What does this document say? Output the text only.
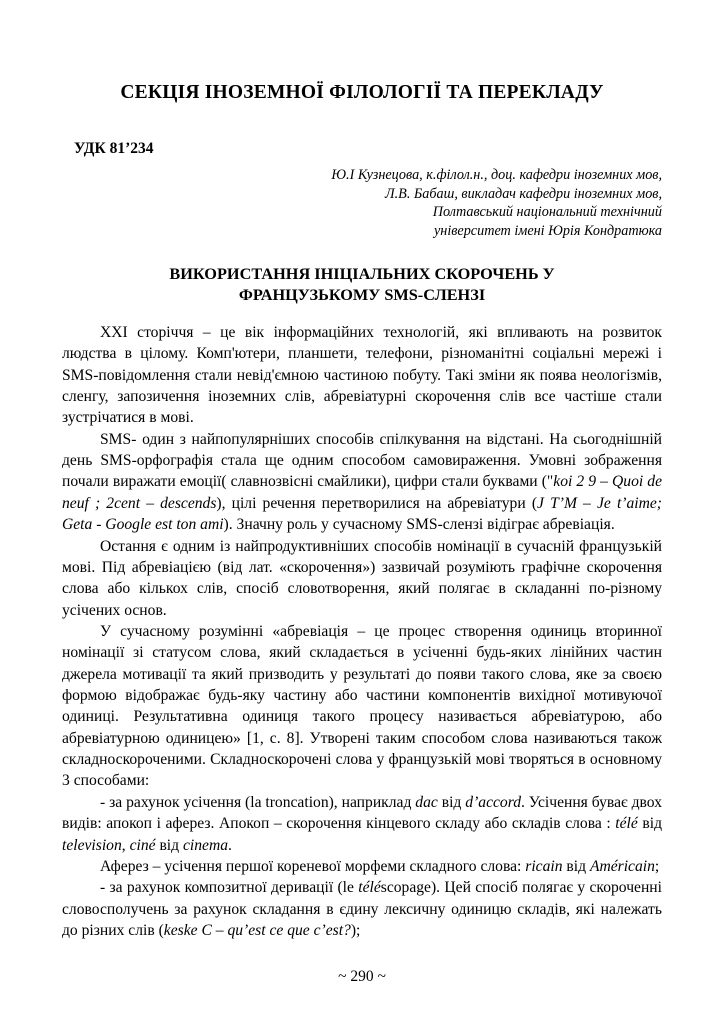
СЕКЦІЯ ІНОЗЕМНОЇ ФІЛОЛОГІЇ ТА ПЕРЕКЛАДУ
УДК 81’234
Ю.І Кузнецова, к.філол.н., доц. кафедри іноземних мов,
Л.В. Бабаш, викладач кафедри іноземних мов,
Полтавський національний технічний
університет імені Юрія Кондратюка
ВИКОРИСТАННЯ ІНІЦІАЛЬНИХ СКОРОЧЕНЬ У
ФРАНЦУЗЬКОМУ SMS-СЛЕНЗІ

XXI сторіччя – це вік інформаційних технологій, які впливають на розвиток людства в цілому. Комп'ютери, планшети, телефони, різноманітні соціальні мережі і SMS-повідомлення стали невід'ємною частиною побуту. Такі зміни як поява неологізмів, сленгу, запозичення іноземних слів, абревіатурні скорочення слів все частіше стали зустрічатися в мові.

SMS- один з найпопулярніших способів спілкування на відстані. На сьогоднішній день SMS-орфографія стала ще одним способом самовираження. Умовні зображення почали виражати емоції( славнозвісні смайлики), цифри стали буквами ("koi 2 9 – Quoi de neuf ; 2cent – descends), цілі речення перетворилися на абревіатури (J T’M – Je t’aime; Geta - Google est ton ami). Значну роль у сучасному SMS-слензі відіграє абревіація.

Остання є одним із найпродуктивніших способів номінації в сучасній французькій мові. Під абревіацією (від лат. «скорочення») зазвичай розуміють графічне скорочення слова або кількох слів, спосіб словотворення, який полягає в складанні по-різному усічених основ.

У сучасному розумінні «абревіація – це процес створення одиниць вторинної номінації зі статусом слова, який складається в усіченні будь-яких лінійних частин джерела мотивації та який призводить у результаті до появи такого слова, яке за своєю формою відображає будь-яку частину або частини компонентів вихідної мотивуючої одиниці. Результативна одиниця такого процесу називається абревіатурою, або абревіатурною одиницею» [1, с. 8]. Утворені таким способом слова називаються також складноскороченими. Складноскорочені слова у французькій мові творяться в основному 3 способами:

- за рахунок усічення (la troncation), наприклад dac від d’accord. Усічення буває двох видів: апокоп і аферез. Апокоп – скорочення кінцевого складу або складів слова : télé від television, ciné від cinema.

Аферез – усічення першої кореневої морфеми складного слова: ricain від Américain;

- за рахунок композитної деривації (le téléscopage). Цей спосіб полягає у скороченні словосполучень за рахунок складання в єдину лексичну одиницю складів, які належать до різних слів (keske C – qu’est ce que c’est?);

~ 290 ~
